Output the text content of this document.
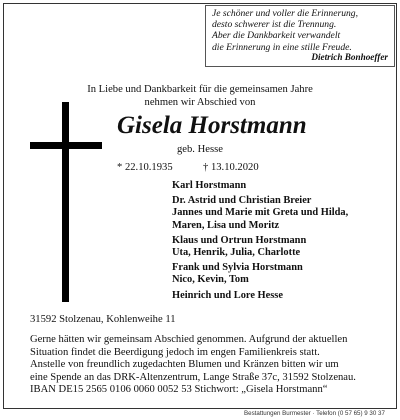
Je schöner und voller die Erinnerung,
desto schwerer ist die Trennung.
Aber die Dankbarkeit verwandelt
die Erinnerung in eine stille Freude.
Dietrich Bonhoeffer
In Liebe und Dankbarkeit für die gemeinsamen Jahre
nehmen wir Abschied von
Gisela Horstmann
geb. Hesse
* 22.10.1935	† 13.10.2020
Karl Horstmann
Dr. Astrid und Christian Breier
Jannes und Marie mit Greta und Hilda,
Maren, Lisa und Moritz
Klaus und Ortrun Horstmann
Uta, Henrik, Julia, Charlotte
Frank und Sylvia Horstmann
Nico, Kevin, Tom
Heinrich und Lore Hesse
31592 Stolzenau, Kohlenweihe 11
Gerne hätten wir gemeinsam Abschied genommen. Aufgrund der aktuellen
Situation findet die Beerdigung jedoch im engen Familienkreis statt.
Anstelle von freundlich zugedachten Blumen und Kränzen bitten wir um
eine Spende an das DRK-Altenzentrum, Lange Straße 37c, 31592 Stolzenau.
IBAN DE15 2565 0106 0060 0052 53 Stichwort: „Gisela Horstmann“
Bestattungen Burmester · Telefon (0 57 65) 9 30 37
